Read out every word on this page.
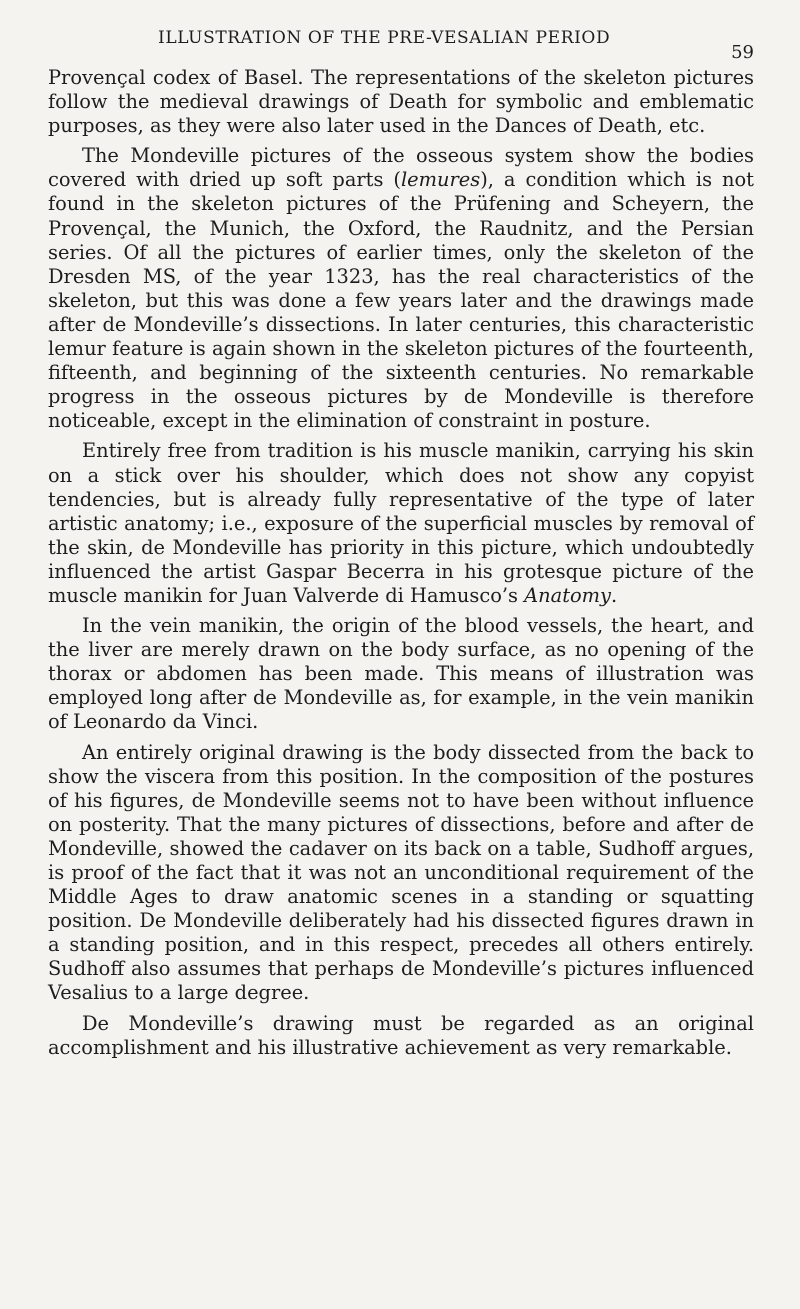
ILLUSTRATION OF THE PRE-VESALIAN PERIOD
59

Provençal codex of Basel. The representations of the skeleton pictures follow the medieval drawings of Death for symbolic and emblematic purposes, as they were also later used in the Dances of Death, etc.

The Mondeville pictures of the osseous system show the bodies covered with dried up soft parts (lemures), a condition which is not found in the skeleton pictures of the Prüfening and Scheyern, the Provençal, the Munich, the Oxford, the Raudnitz, and the Persian series. Of all the pictures of earlier times, only the skeleton of the Dresden MS, of the year 1323, has the real characteristics of the skeleton, but this was done a few years later and the drawings made after de Mondeville’s dissections. In later centuries, this characteristic lemur feature is again shown in the skeleton pictures of the fourteenth, fifteenth, and beginning of the sixteenth centuries. No remarkable progress in the osseous pictures by de Mondeville is therefore noticeable, except in the elimination of constraint in posture.

Entirely free from tradition is his muscle manikin, carrying his skin on a stick over his shoulder, which does not show any copyist tendencies, but is already fully representative of the type of later artistic anatomy; i.e., exposure of the superficial muscles by removal of the skin, de Mondeville has priority in this picture, which undoubtedly influenced the artist Gaspar Becerra in his grotesque picture of the muscle manikin for Juan Valverde di Hamusco’s Anatomy.

In the vein manikin, the origin of the blood vessels, the heart, and the liver are merely drawn on the body surface, as no opening of the thorax or abdomen has been made. This means of illustration was employed long after de Mondeville as, for example, in the vein manikin of Leonardo da Vinci.

An entirely original drawing is the body dissected from the back to show the viscera from this position. In the composition of the postures of his figures, de Mondeville seems not to have been without influence on posterity. That the many pictures of dissections, before and after de Mondeville, showed the cadaver on its back on a table, Sudhoff argues, is proof of the fact that it was not an unconditional requirement of the Middle Ages to draw anatomic scenes in a standing or squatting position. De Mondeville deliberately had his dissected figures drawn in a standing position, and in this respect, precedes all others entirely. Sudhoff also assumes that perhaps de Mondeville’s pictures influenced Vesalius to a large degree.

De Mondeville’s drawing must be regarded as an original accomplishment and his illustrative achievement as very remarkable.
